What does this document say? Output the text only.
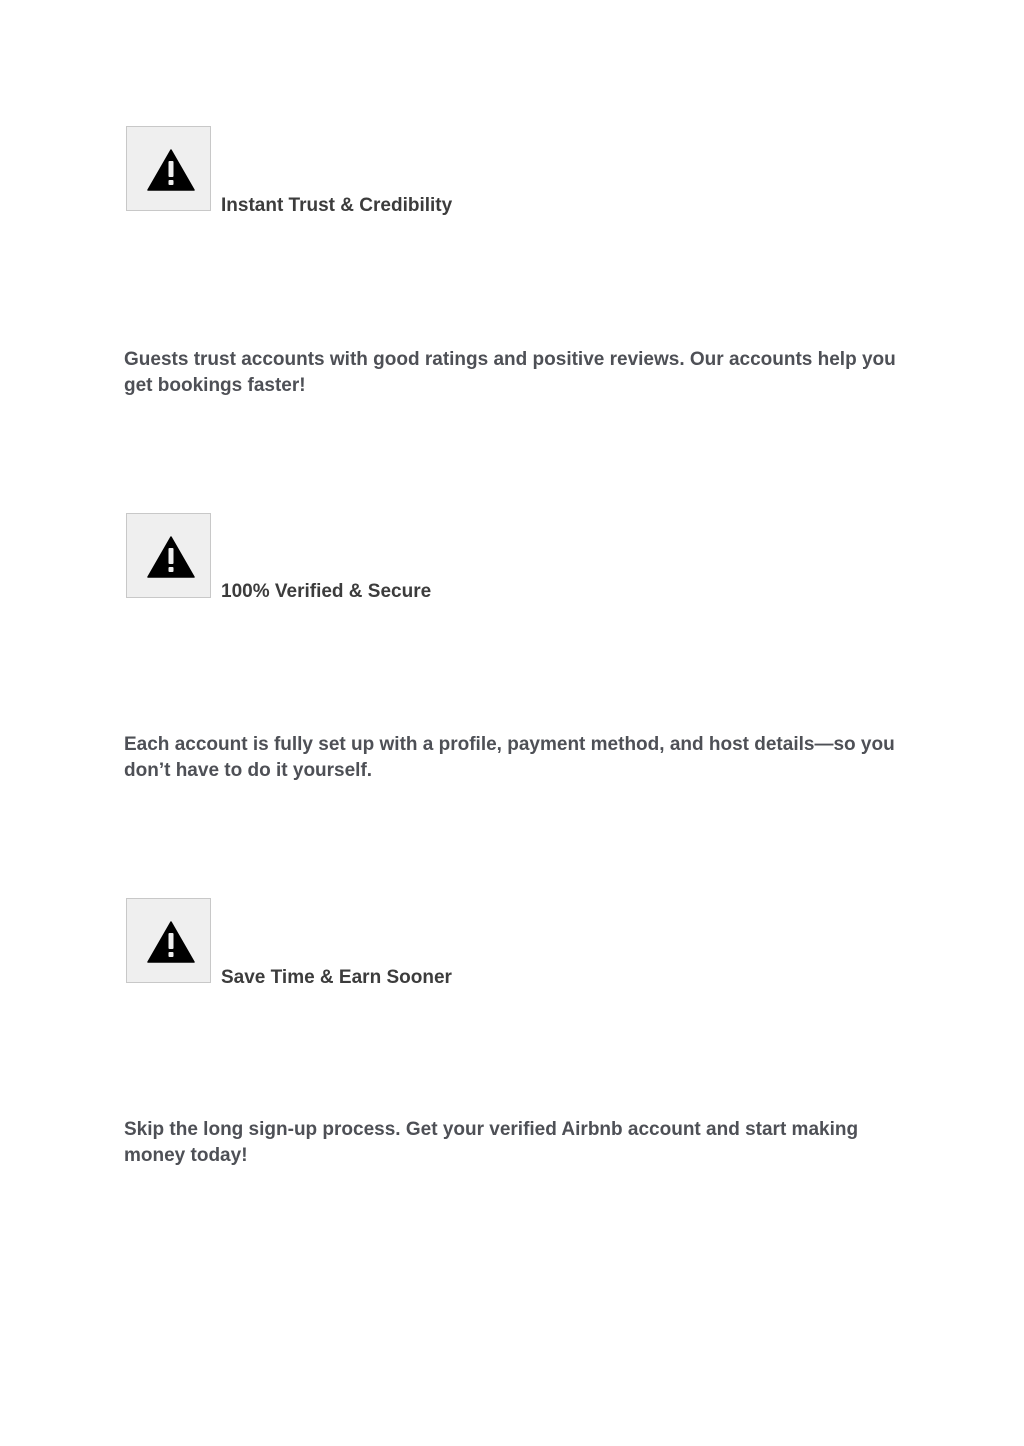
Instant Trust & Credibility

Guests trust accounts with good ratings and positive reviews. Our accounts help you get bookings faster!

100% Verified & Secure

Each account is fully set up with a profile, payment method, and host details—so you don’t have to do it yourself.

Save Time & Earn Sooner

Skip the long sign-up process. Get your verified Airbnb account and start making money today!
